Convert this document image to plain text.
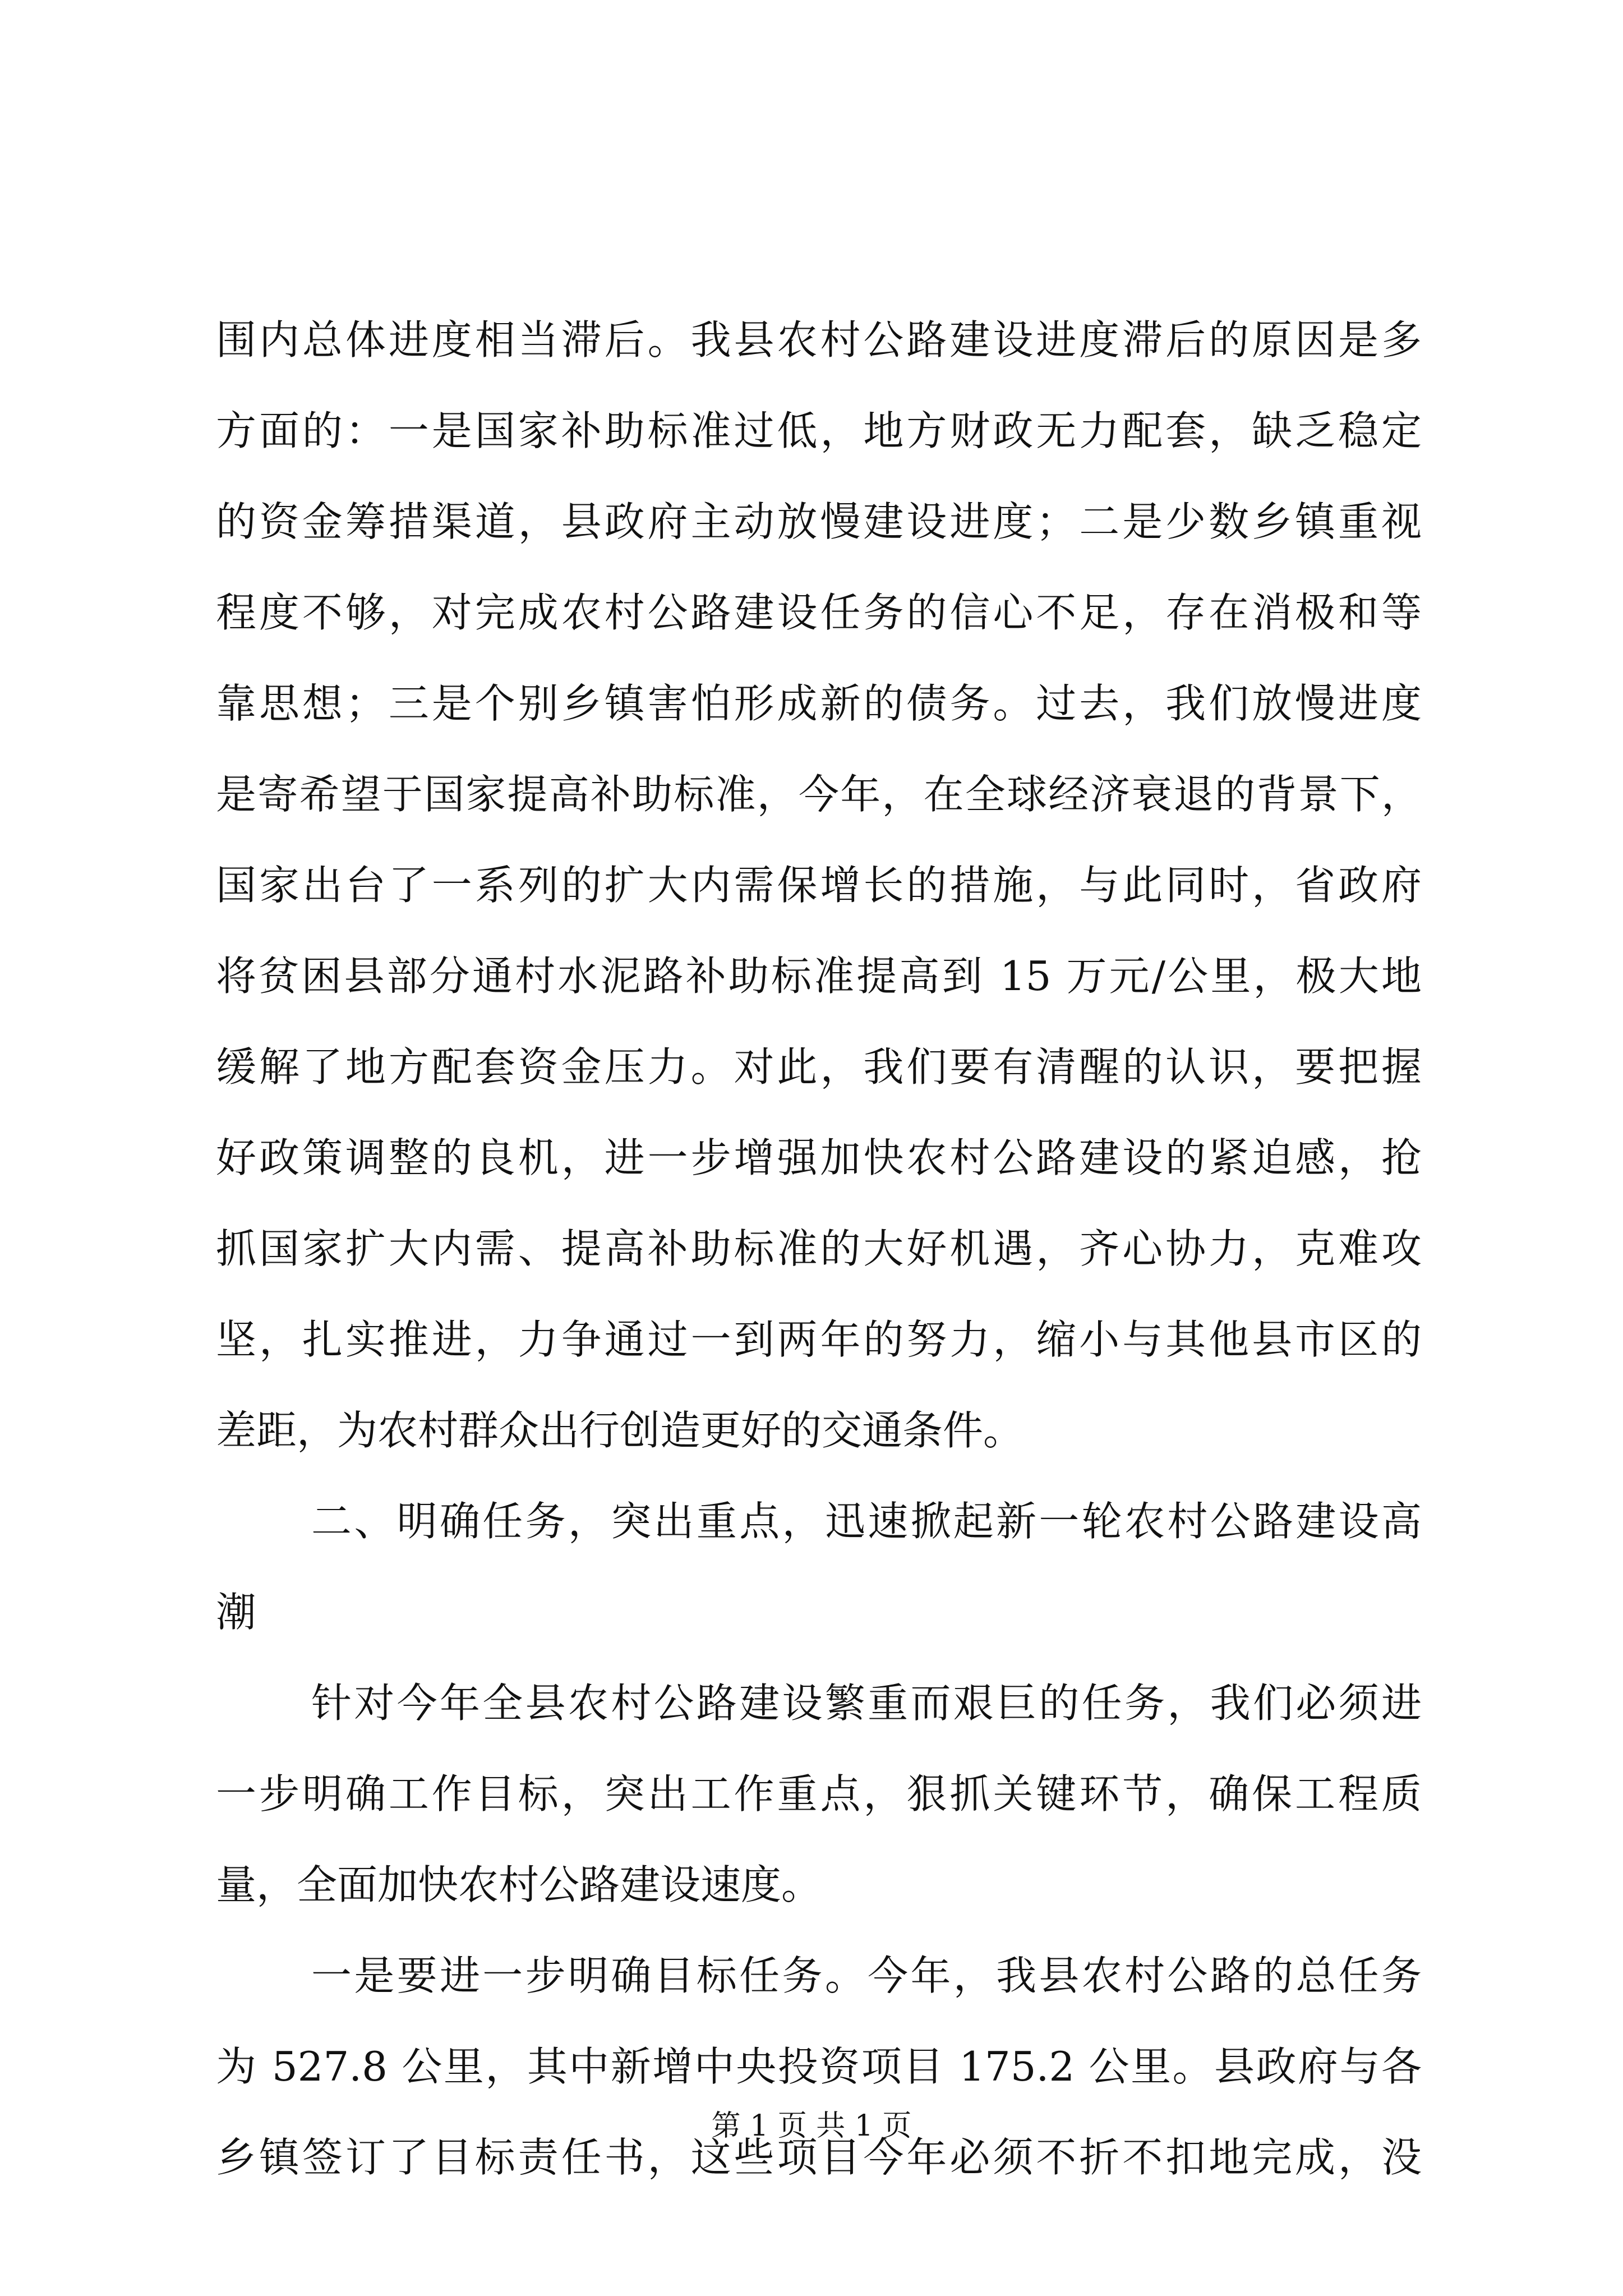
围内总体进度相当滞后。我县农村公路建设进度滞后的原因是多
方面的：一是国家补助标准过低，地方财政无力配套，缺乏稳定
的资金筹措渠道，县政府主动放慢建设进度；二是少数乡镇重视
程度不够，对完成农村公路建设任务的信心不足，存在消极和等
靠思想；三是个别乡镇害怕形成新的债务。过去，我们放慢进度
是寄希望于国家提高补助标准，今年，在全球经济衰退的背景下，
国家出台了一系列的扩大内需保增长的措施，与此同时，省政府
将贫困县部分通村水泥路补助标准提高到 15 万元/公里，极大地
缓解了地方配套资金压力。对此，我们要有清醒的认识，要把握
好政策调整的良机，进一步增强加快农村公路建设的紧迫感，抢
抓国家扩大内需、提高补助标准的大好机遇，齐心协力，克难攻
坚，扎实推进，力争通过一到两年的努力，缩小与其他县市区的
差距，为农村群众出行创造更好的交通条件。
二、明确任务，突出重点，迅速掀起新一轮农村公路建设高
潮
针对今年全县农村公路建设繁重而艰巨的任务，我们必须进
一步明确工作目标，突出工作重点，狠抓关键环节，确保工程质
量，全面加快农村公路建设速度。
一是要进一步明确目标任务。今年，我县农村公路的总任务
为 527.8 公里，其中新增中央投资项目 175.2 公里。县政府与各
乡镇签订了目标责任书，这些项目今年必须不折不扣地完成，没
第 1 页 共 1 页
